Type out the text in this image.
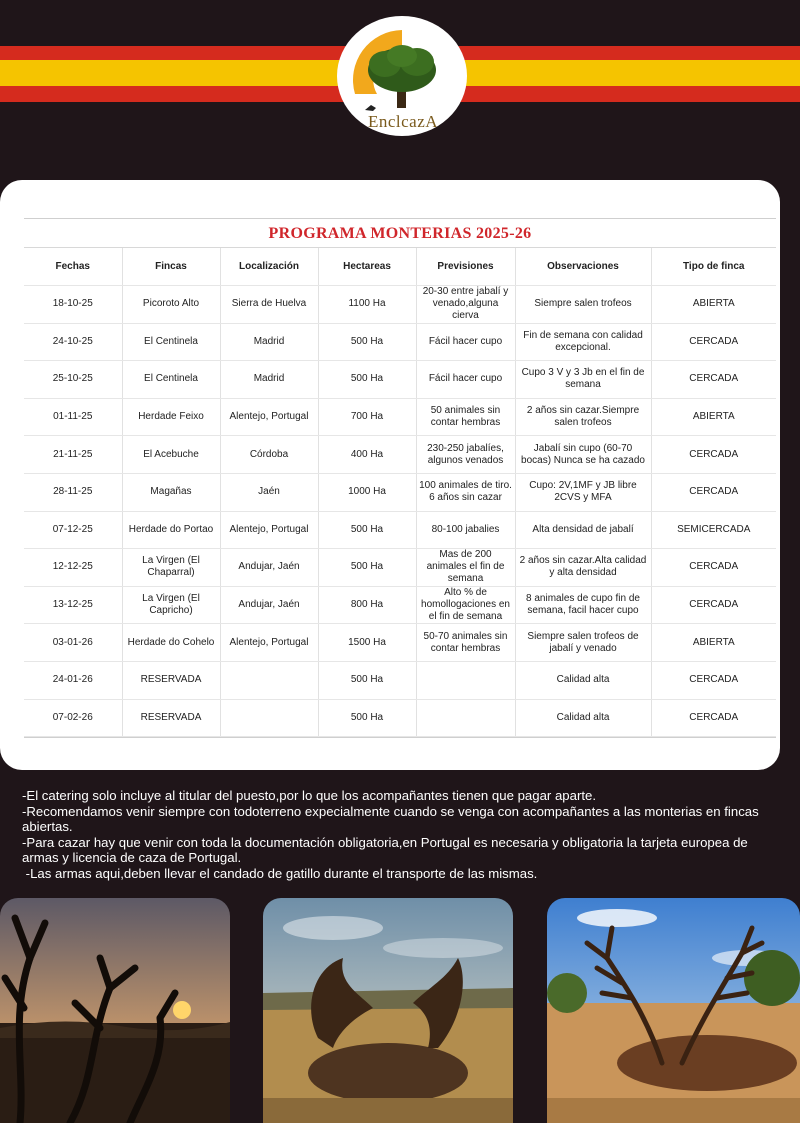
EnclcazA
PROGRAMA MONTERIAS 2025-26
Fechas	Fincas	Localización	Hectareas	Previsiones	Observaciones	Tipo de finca
18-10-25	Picoroto Alto	Sierra de Huelva	1100 Ha	20-30 entre jabalí y venado,alguna cierva	Siempre salen trofeos	ABIERTA
24-10-25	El Centinela	Madrid	500 Ha	Fácil hacer cupo	Fin de semana con calidad excepcional.	CERCADA
25-10-25	El Centinela	Madrid	500 Ha	Fácil hacer cupo	Cupo 3 V y 3 Jb en el fin de semana	CERCADA
01-11-25	Herdade Feixo	Alentejo, Portugal	700 Ha	50 animales sin contar hembras	2 años sin cazar.Siempre salen trofeos	ABIERTA
21-11-25	El Acebuche	Córdoba	400 Ha	230-250 jabalíes, algunos venados	Jabalí sin cupo (60-70 bocas) Nunca se ha cazado	CERCADA
28-11-25	Magañas	Jaén	1000 Ha	100 animales de tiro. 6 años sin cazar	Cupo: 2V,1MF y JB libre 2CVS y MFA	CERCADA
07-12-25	Herdade do Portao	Alentejo, Portugal	500 Ha	80-100 jabalies	Alta densidad de jabalí	SEMICERCADA
12-12-25	La Virgen (El Chaparral)	Andujar, Jaén	500 Ha	Mas de 200 animales el fin de semana	2 años sin cazar.Alta calidad y alta densidad	CERCADA
13-12-25	La Virgen (El Capricho)	Andujar, Jaén	800 Ha	Alto % de homollogaciones en el fin de semana	8 animales de cupo fin de semana, facil hacer cupo	CERCADA
03-01-26	Herdade do Cohelo	Alentejo, Portugal	1500 Ha	50-70 animales sin contar hembras	Siempre salen trofeos de jabalí y venado	ABIERTA
24-01-26	RESERVADA		500 Ha		Calidad alta	CERCADA
07-02-26	RESERVADA		500 Ha		Calidad alta	CERCADA

-El catering solo incluye al titular del puesto,por lo que los acompañantes tienen que pagar aparte.

-Recomendamos venir siempre con todoterreno expecialmente cuando se venga con acompañantes a las monterias en fincas abiertas.

-Para cazar hay que venir con toda la documentación obligatoria,en Portugal es necesaria y obligatoria la tarjeta europea de armas y licencia de caza de Portugal.

-Las armas aqui,deben llevar el candado de gatillo durante el transporte de las mismas.
